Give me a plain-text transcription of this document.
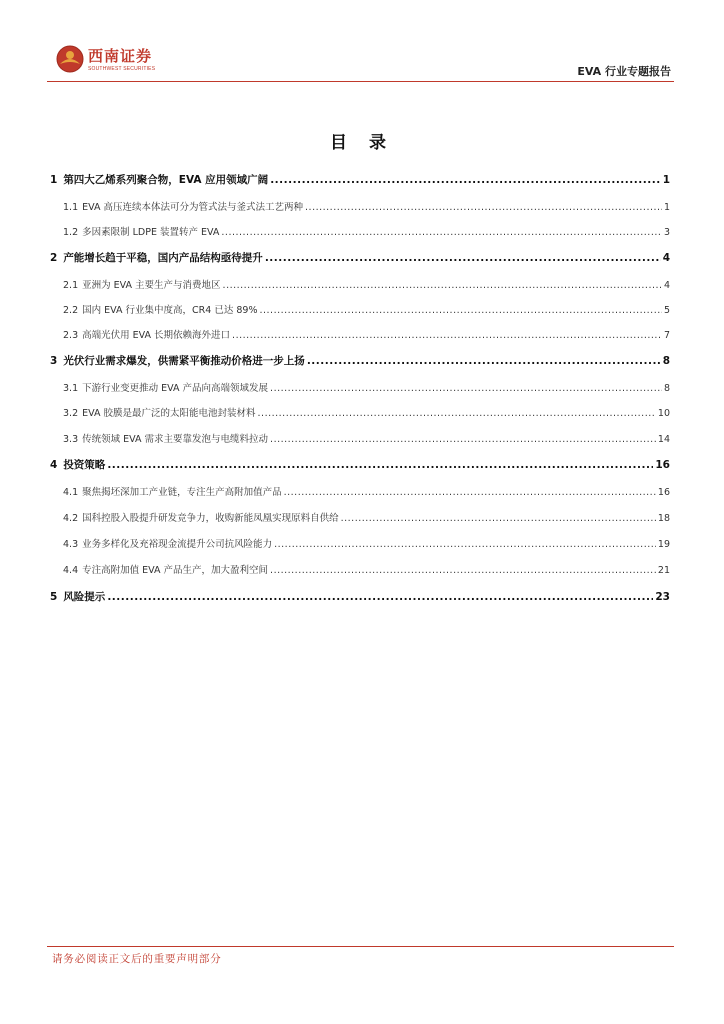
西南证券
SOUTHWEST SECURITIES	EVA 行业专题报告
目 录
1 第四大乙烯系列聚合物，EVA 应用领域广阔 .....	1
1.1 EVA 高压连续本体法可分为管式法与釜式法工艺两种 .....	1
1.2 多因素限制 LDPE 装置转产 EVA .....	3
2 产能增长趋于平稳，国内产品结构亟待提升 .....	4
2.1 亚洲为 EVA 主要生产与消费地区 .....	4
2.2 国内 EVA 行业集中度高，CR4 已达 89% .....	5
2.3 高端光伏用 EVA 长期依赖海外进口 .....	7
3 光伏行业需求爆发，供需紧平衡推动价格进一步上扬 .....	8
3.1 下游行业变更推动 EVA 产品向高端领域发展 .....	8
3.2 EVA 胶膜是最广泛的太阳能电池封装材料 .....	10
3.3 传统领域 EVA 需求主要靠发泡与电缆料拉动 .....	14
4 投资策略 .....	16
4.1 聚焦揭坯深加工产业链，专注生产高附加值产品 .....	16
4.2 国科控股入股提升研发竞争力，收购新能凤凰实现原料自供给 .....	18
4.3 业务多样化及充裕现金流提升公司抗风险能力 .....	19
4.4 专注高附加值 EVA 产品生产，加大盈利空间 .....	21
5 风险提示 .....	23
请务必阅读正文后的重要声明部分
